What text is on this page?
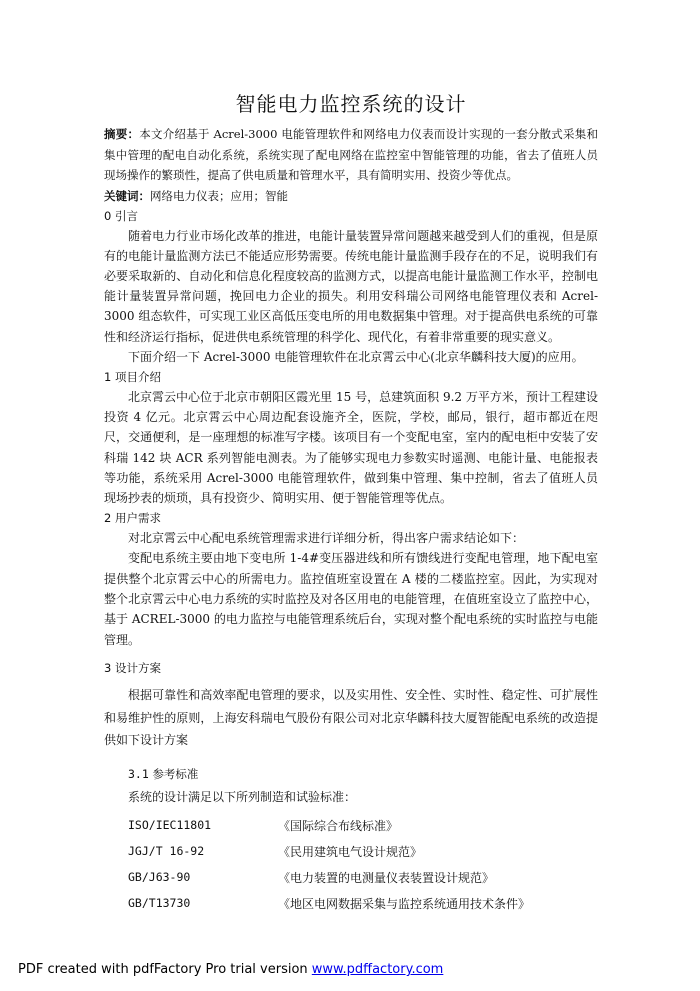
智能电力监控系统的设计

摘要：本文介绍基于 Acrel-3000 电能管理软件和网络电力仪表而设计实现的一套分散式采集和集中管理的配电自动化系统，系统实现了配电网络在监控室中智能管理的功能，省去了值班人员现场操作的繁琐性，提高了供电质量和管理水平，具有简明实用、投资少等优点。

关键词：网络电力仪表；应用；智能

0 引言

随着电力行业市场化改革的推进，电能计量装置异常问题越来越受到人们的重视，但是原有的电能计量监测方法已不能适应形势需要。传统电能计量监测手段存在的不足，说明我们有必要采取新的、自动化和信息化程度较高的监测方式，以提高电能计量监测工作水平，控制电能计量装置异常问题，挽回电力企业的损失。利用安科瑞公司网络电能管理仪表和 Acrel-3000 组态软件，可实现工业区高低压变电所的用电数据集中管理。对于提高供电系统的可靠性和经济运行指标，促进供电系统管理的科学化、现代化，有着非常重要的现实意义。

下面介绍一下 Acrel-3000 电能管理软件在北京霄云中心(北京华麟科技大厦)的应用。

1 项目介绍

北京霄云中心位于北京市朝阳区霞光里 15 号，总建筑面积 9.2 万平方米，预计工程建设投资 4 亿元。北京霄云中心周边配套设施齐全，医院，学校，邮局，银行，超市都近在咫尺，交通便利，是一座理想的标准写字楼。该项目有一个变配电室，室内的配电柜中安装了安科瑞 142 块 ACR 系列智能电测表。为了能够实现电力参数实时遥测、电能计量、电能报表等功能，系统采用 Acrel-3000 电能管理软件，做到集中管理、集中控制，省去了值班人员现场抄表的烦琐，具有投资少、简明实用、便于智能管理等优点。

2 用户需求

对北京霄云中心配电系统管理需求进行详细分析，得出客户需求结论如下：

变配电系统主要由地下变电所 1-4#变压器进线和所有馈线进行变配电管理，地下配电室提供整个北京霄云中心的所需电力。监控值班室设置在 A 楼的二楼监控室。因此，为实现对整个北京霄云中心电力系统的实时监控及对各区用电的电能管理，在值班室设立了监控中心，基于 ACREL-3000 的电力监控与电能管理系统后台，实现对整个配电系统的实时监控与电能管理。

3 设计方案

根据可靠性和高效率配电管理的要求，以及实用性、安全性、实时性、稳定性、可扩展性和易维护性的原则，上海安科瑞电气股份有限公司对北京华麟科技大厦智能配电系统的改造提供如下设计方案

3.1 参考标准

系统的设计满足以下所列制造和试验标准：

ISO/IEC11801	《国际综合布线标准》
JGJ/T 16-92	《民用建筑电气设计规范》
GB/J63-90	《电力装置的电测量仪表装置设计规范》
GB/T13730	《地区电网数据采集与监控系统通用技术条件》
PDF created with pdfFactory Pro trial version www.pdffactory.com
